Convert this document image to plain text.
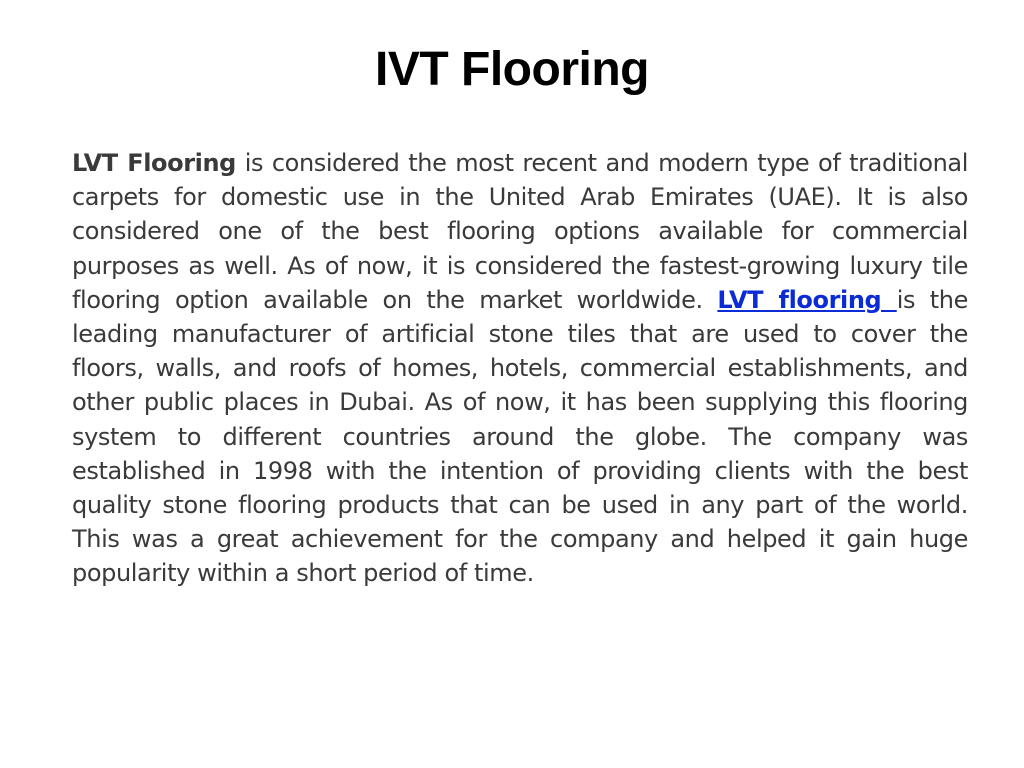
IVT Flooring

LVT Flooring is considered the most recent and modern type of traditional carpets for domestic use in the United Arab Emirates (UAE). It is also considered one of the best flooring options available for commercial purposes as well. As of now, it is considered the fastest-growing luxury tile flooring option available on the market worldwide. LVT flooring is the leading manufacturer of artificial stone tiles that are used to cover the floors, walls, and roofs of homes, hotels, commercial establishments, and other public places in Dubai. As of now, it has been supplying this flooring system to different countries around the globe. The company was established in 1998 with the intention of providing clients with the best quality stone flooring products that can be used in any part of the world. This was a great achievement for the company and helped it gain huge popularity within a short period of time.
